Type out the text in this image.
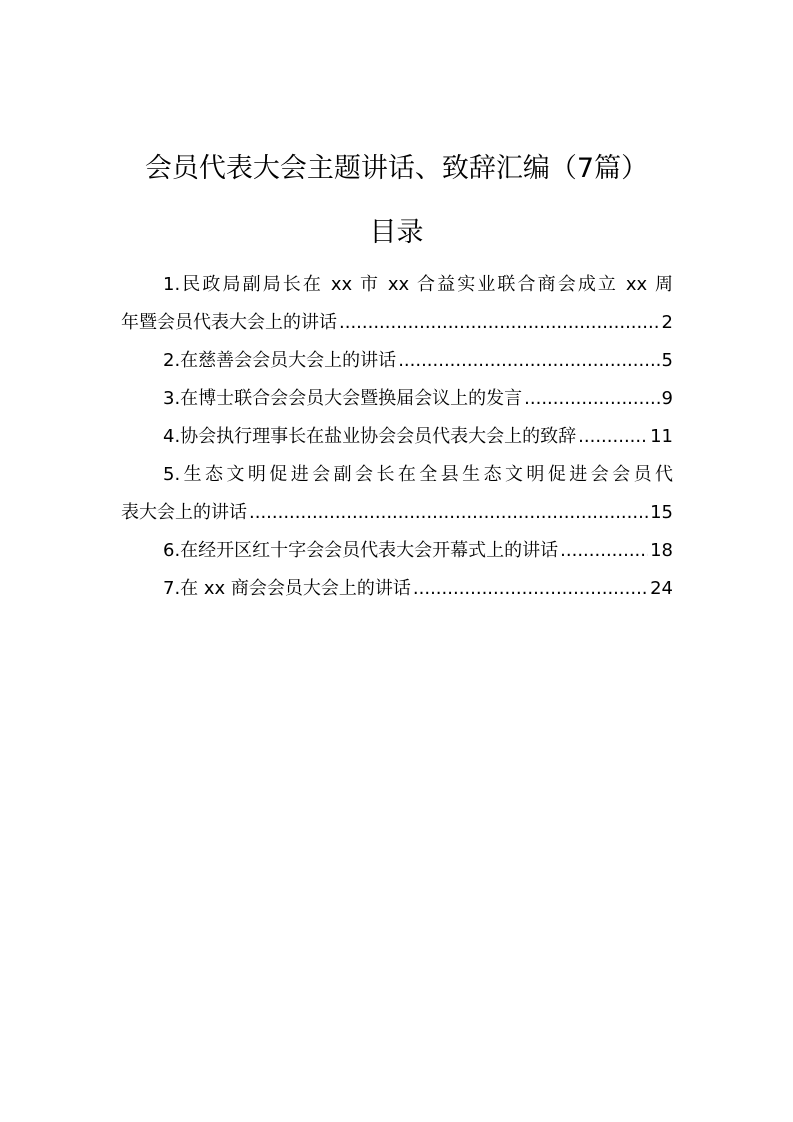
会员代表大会主题讲话、致辞汇编（7篇）
目录
1.民政局副局长在 xx 市 xx 合益实业联合商会成立 xx 周
年暨会员代表大会上的讲话 .....	2
2.在慈善会会员大会上的讲话 .....	5
3.在博士联合会会员大会暨换届会议上的发言 .....	9
4.协会执行理事长在盐业协会会员代表大会上的致辞 .....	11
5.生态文明促进会副会长在全县生态文明促进会会员代
表大会上的讲话 .....	15
6.在经开区红十字会会员代表大会开幕式上的讲话 .....	18
7.在 xx 商会会员大会上的讲话 .....	24
